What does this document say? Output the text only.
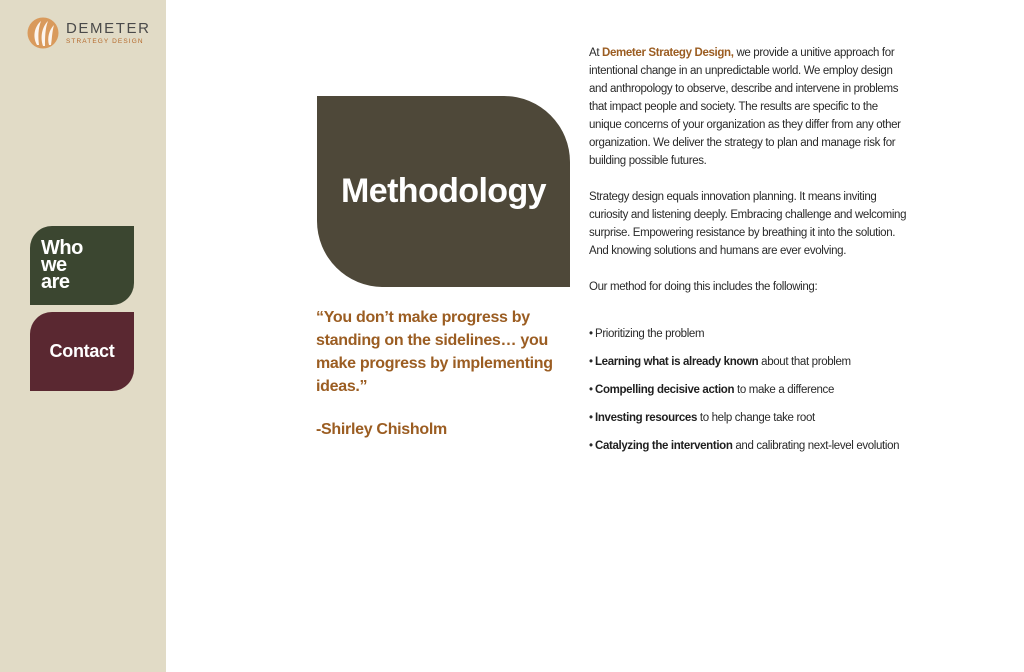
DEMETER
STRATEGY DESIGN
Who
we
are
Contact
Methodology

“You don’t make progress by standing on the sidelines… you make progress by implementing ideas.”

-Shirley Chisholm

At Demeter Strategy Design, we provide a unitive approach for intentional change in an unpredictable world. We employ design and anthropology to observe, describe and intervene in problems that impact people and society. The results are specific to the unique concerns of your organization as they differ from any other organization. We deliver the strategy to plan and manage risk for building possible futures.

Strategy design equals innovation planning. It means inviting curiosity and listening deeply. Embracing challenge and welcoming surprise. Empowering resistance by breathing it into the solution. And knowing solutions and humans are ever evolving.

Our method for doing this includes the following:

• Prioritizing the problem
• Learning what is already known about that problem
• Compelling decisive action to make a difference
• Investing resources to help change take root
• Catalyzing the intervention and calibrating next-level evolution
